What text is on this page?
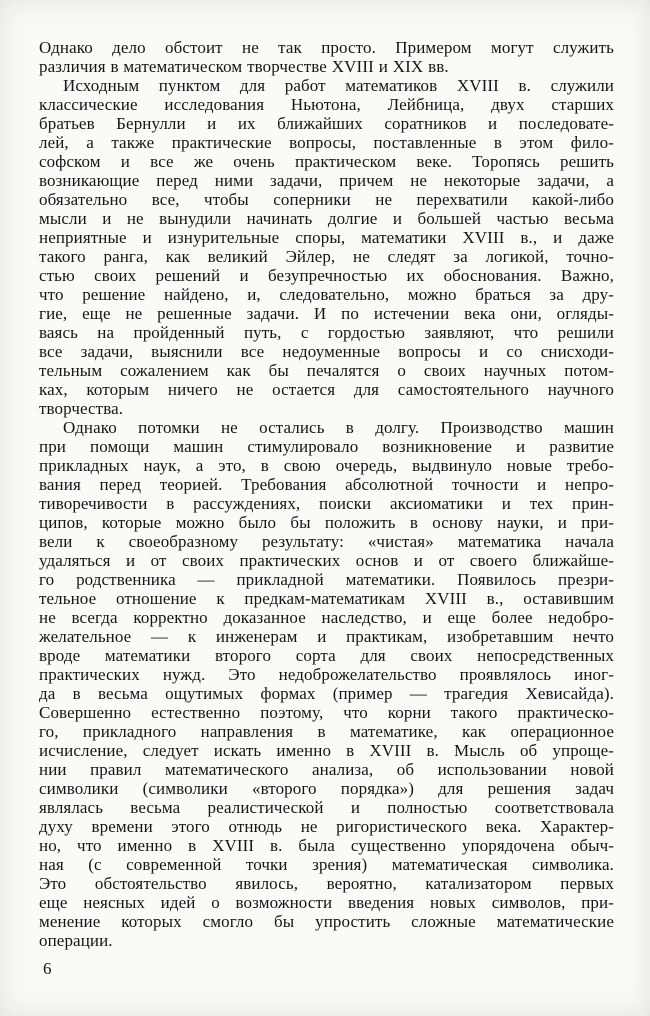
Однако дело обстоит не так просто. Примером могут служить
различия в математическом творчестве XVIII и XIX вв.
Исходным пунктом для работ математиков XVIII в. служили
классические исследования Ньютона, Лейбница, двух старших
братьев Бернулли и их ближайших соратников и последовате-
лей, а также практические вопросы, поставленные в этом фило-
софском и все же очень практическом веке. Торопясь решить
возникающие перед ними задачи, причем не некоторые задачи, а
обязательно все, чтобы соперники не перехватили какой-либо
мысли и не вынудили начинать долгие и большей частью весьма
неприятные и изнурительные споры, математики XVIII в., и даже
такого ранга, как великий Эйлер, не следят за логикой, точно-
стью своих решений и безупречностью их обоснования. Важно,
что решение найдено, и, следовательно, можно браться за дру-
гие, еще не решенные задачи. И по истечении века они, огляды-
ваясь на пройденный путь, с гордостью заявляют, что решили
все задачи, выяснили все недоуменные вопросы и со снисходи-
тельным сожалением как бы печалятся о своих научных потом-
ках, которым ничего не остается для самостоятельного научного
творчества.
Однако потомки не остались в долгу. Производство машин
при помощи машин стимулировало возникновение и развитие
прикладных наук, а это, в свою очередь, выдвинуло новые требо-
вания перед теорией. Требования абсолютной точности и непро-
тиворечивости в рассуждениях, поиски аксиоматики и тех прин-
ципов, которые можно было бы положить в основу науки, и при-
вели к своеобразному результату: «чистая» математика начала
удаляться и от своих практических основ и от своего ближайше-
го родственника — прикладной математики. Появилось презри-
тельное отношение к предкам-математикам XVIII в., оставившим
не всегда корректно доказанное наследство, и еще более недобро-
желательное — к инженерам и практикам, изобретавшим нечто
вроде математики второго сорта для своих непосредственных
практических нужд. Это недоброжелательство проявлялось иног-
да в весьма ощутимых формах (пример — трагедия Хевисайда).
Совершенно естественно поэтому, что корни такого практическо-
го, прикладного направления в математике, как операционное
исчисление, следует искать именно в XVIII в. Мысль об упроще-
нии правил математического анализа, об использовании новой
символики (символики «второго порядка») для решения задач
являлась весьма реалистической и полностью соответствовала
духу времени этого отнюдь не ригористического века. Характер-
но, что именно в XVIII в. была существенно упорядочена обыч-
ная (с современной точки зрения) математическая символика.
Это обстоятельство явилось, вероятно, катализатором первых
еще неясных идей о возможности введения новых символов, при-
менение которых смогло бы упростить сложные математические
операции.
6
